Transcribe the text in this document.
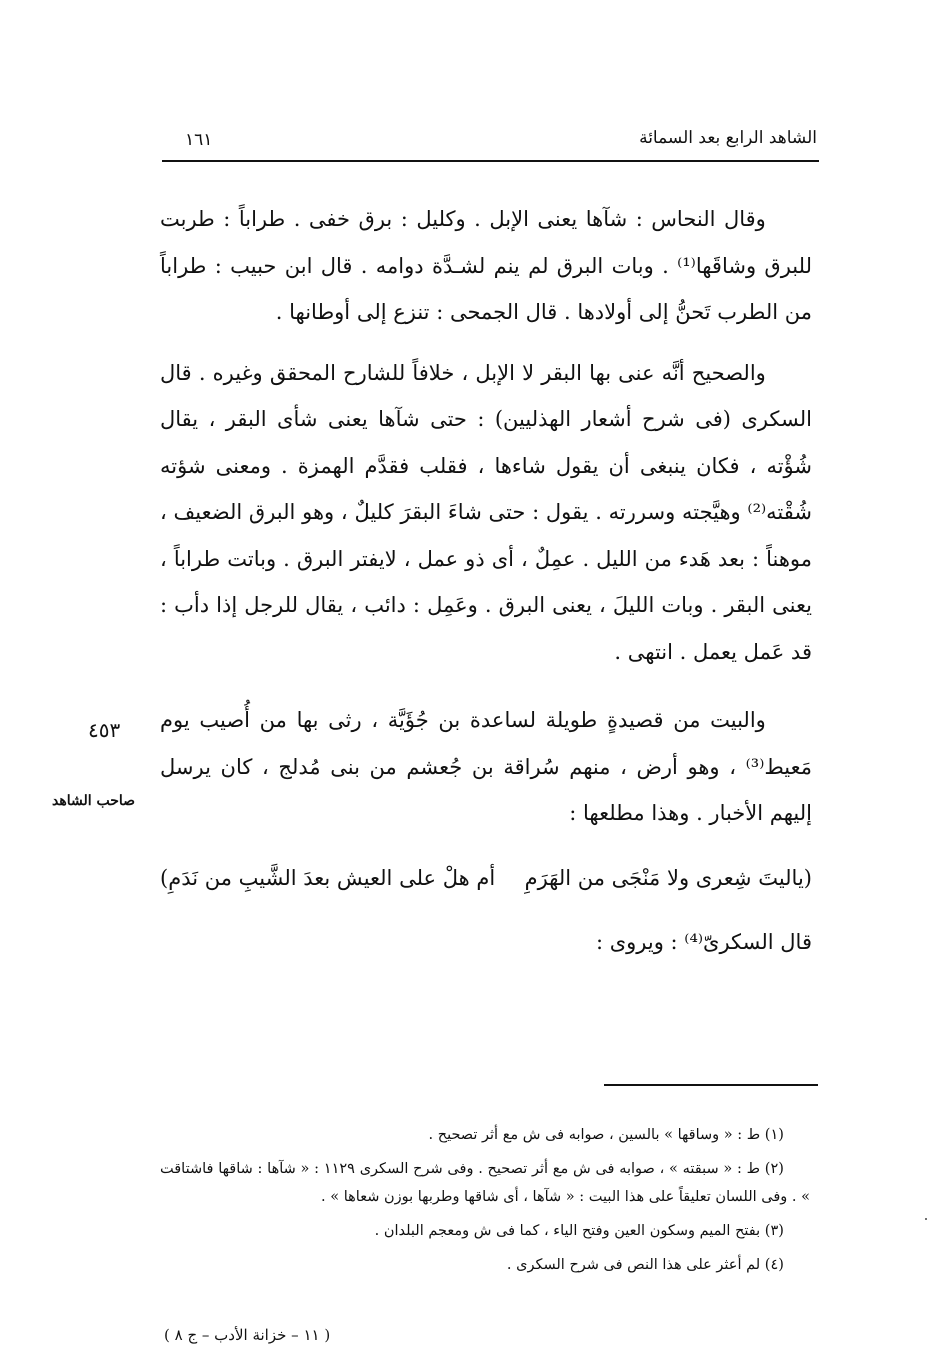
الشاهد الرابع بعد السمائة
١٦١

وقال النحاس : شآها يعنى الإبل . وكليل : برق خفى . طراباً : طربت للبرق وشاقَها⁽¹⁾ . وبات البرق لم ينم لشـدَّة دوامه . قال ابن حبيب : طراباً من الطرب تَحنُّ إلى أولادها . قال الجمحى : تنزع إلى أوطانها .

والصحيح أنَّه عنى بها البقر لا الإبل ، خلافاً للشارح المحقق وغيره . قال السكرى (فى شرح أشعار الهذليين) : حتى شآها يعنى شأى البقر ، يقال شُؤْته ، فكان ينبغى أن يقول شاءها ، فقلب فقدَّم الهمزة . ومعنى شؤته شُقْته⁽²⁾ وهيَّجته وسررته . يقول : حتى شاءَ البقرَ كليلٌ ، وهو البرق الضعيف ، موهناً : بعد هَدء من الليل . عمِلٌ ، أى ذو عمل ، لايفتر البرق . وباتت طراباً ، يعنى البقر . وبات الليلَ ، يعنى البرق . وعَمِل : دائب ، يقال للرجل إذا دأب : قد عَمل يعمل . انتهى .

والبيت من قصيدةٍ طويلة لساعدة بن جُؤَيَّة ، رثى بها من أُصيب يوم مَعيط⁽³⁾ ، وهو أرض ، منهم سُراقة بن جُعشم من بنى مُدلج ، كان يرسل إليهم الأخبار . وهذا مطلعها :

(ياليتَ شِعرى ولا مَنْجَى من الهَرَمِ
أم هلْ على العيش بعدَ الشَّيبِ من نَدَمِ)

قال السكرىّ⁽⁴⁾ : ويروى :

٤٥٣
صاحب الشاهد

(١) ط : « وساقها » بالسين ، صوابه فى ش مع أثر تصحيح .

(٢) ط : « سبقته » ، صوابه فى ش مع أثر تصحيح . وفى شرح السكرى ١١٢٩ : « شآها : شاقها فاشتاقت » . وفى اللسان تعليقاً على هذا البيت : « شآها ، أى شاقها وطربها بوزن شعاها » .

(٣) بفتح الميم وسكون العين وفتح الياء ، كما فى ش ومعجم البلدان .

(٤) لم أعثر على هذا النص فى شرح السكرى .

( ١١ – خزانة الأدب – ج ٨ )
